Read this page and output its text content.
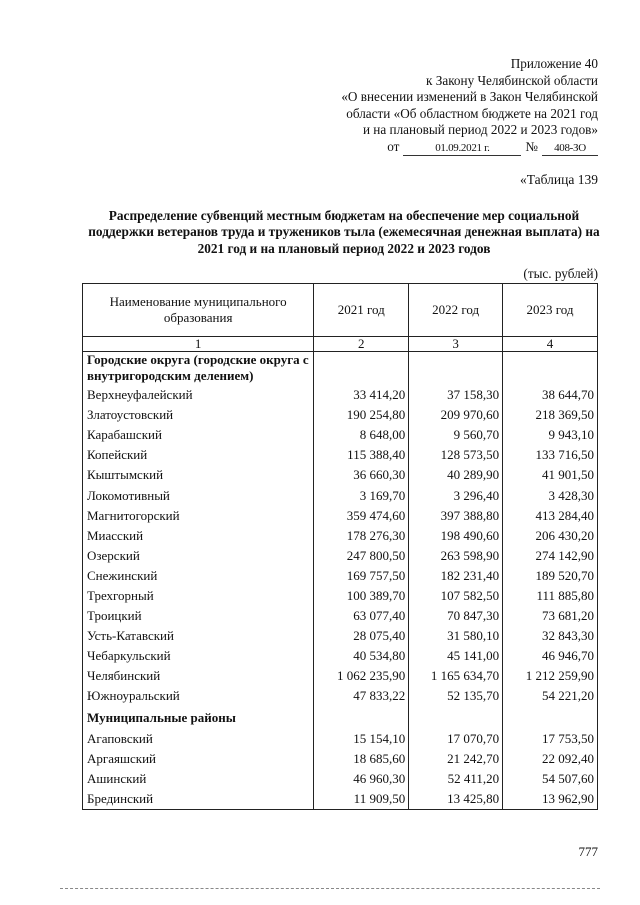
Приложение 40
к Закону Челябинской области
«О внесении изменений в Закон Челябинской
области «Об областном бюджете на 2021 год
и на плановый период 2022 и 2023 годов»
от	01.09.2021 г.	№	408-ЗО
«Таблица 139
Распределение субвенций местным бюджетам на обеспечение мер социальной поддержки ветеранов труда и тружеников тыла (ежемесячная денежная выплата) на 2021 год и на плановый период 2022 и 2023 годов
(тыс. рублей)
Наименование муниципального образования	2021 год	2022 год	2023 год
1	2	3	4
Городские округа (городские округа с внутригородским делением)			
Верхнеуфалейский	33 414,20	37 158,30	38 644,70
Златоустовский	190 254,80	209 970,60	218 369,50
Карабашский	8 648,00	9 560,70	9 943,10
Копейский	115 388,40	128 573,50	133 716,50
Кыштымский	36 660,30	40 289,90	41 901,50
Локомотивный	3 169,70	3 296,40	3 428,30
Магнитогорский	359 474,60	397 388,80	413 284,40
Миасский	178 276,30	198 490,60	206 430,20
Озерский	247 800,50	263 598,90	274 142,90
Снежинский	169 757,50	182 231,40	189 520,70
Трехгорный	100 389,70	107 582,50	111 885,80
Троицкий	63 077,40	70 847,30	73 681,20
Усть-Катавский	28 075,40	31 580,10	32 843,30
Чебаркульский	40 534,80	45 141,00	46 946,70
Челябинский	1 062 235,90	1 165 634,70	1 212 259,90
Южноуральский	47 833,22	52 135,70	54 221,20
Муниципальные районы			
Агаповский	15 154,10	17 070,70	17 753,50
Аргаяшский	18 685,60	21 242,70	22 092,40
Ашинский	46 960,30	52 411,20	54 507,60
Брединский	11 909,50	13 425,80	13 962,90
777
